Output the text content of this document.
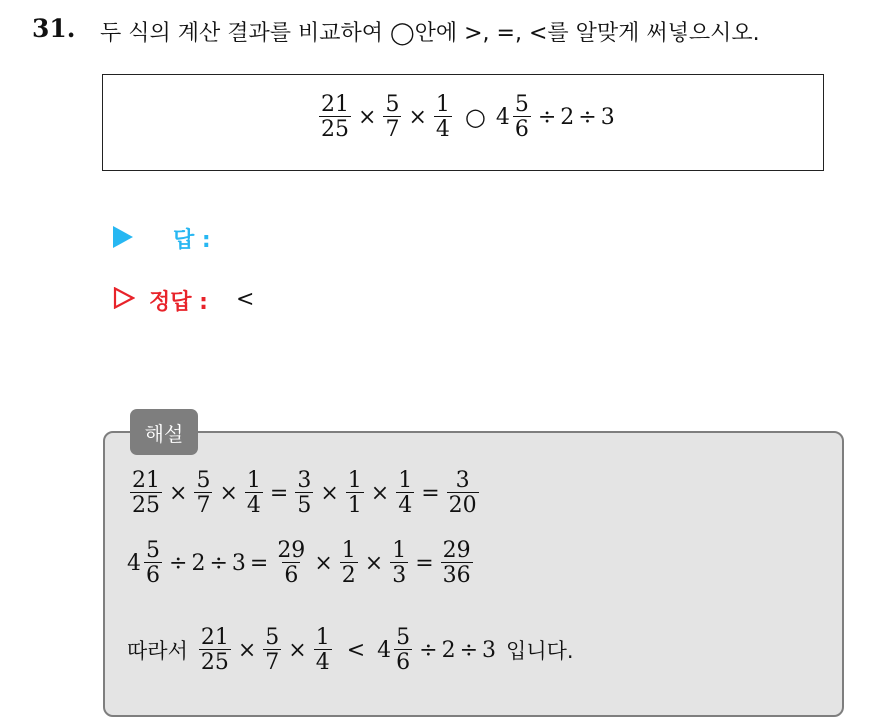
31. 두 식의 계산 결과를 비교하여 ◯안에 >, =, <를 알맞게 써넣으시오.
$\frac{21}{25} \times \frac{5}{7} \times \frac{1}{4}$ ○ $4 \frac{5}{6} \div 2 \div 3$
답 :
정답 : <
해설
$\frac{21}{25} \times \frac{5}{7} \times \frac{1}{4} = \frac{3}{5} \times \frac{1}{1} \times \frac{1}{4} = \frac{3}{20}$
$4 \frac{5}{6} \div 2 \div 3 = \frac{29}{6} \times \frac{1}{2} \times \frac{1}{3} = \frac{29}{36}$
따라서 $\frac{21}{25} \times \frac{5}{7} \times \frac{1}{4} < 4 \frac{5}{6} \div 2 \div 3$ 입니다.
